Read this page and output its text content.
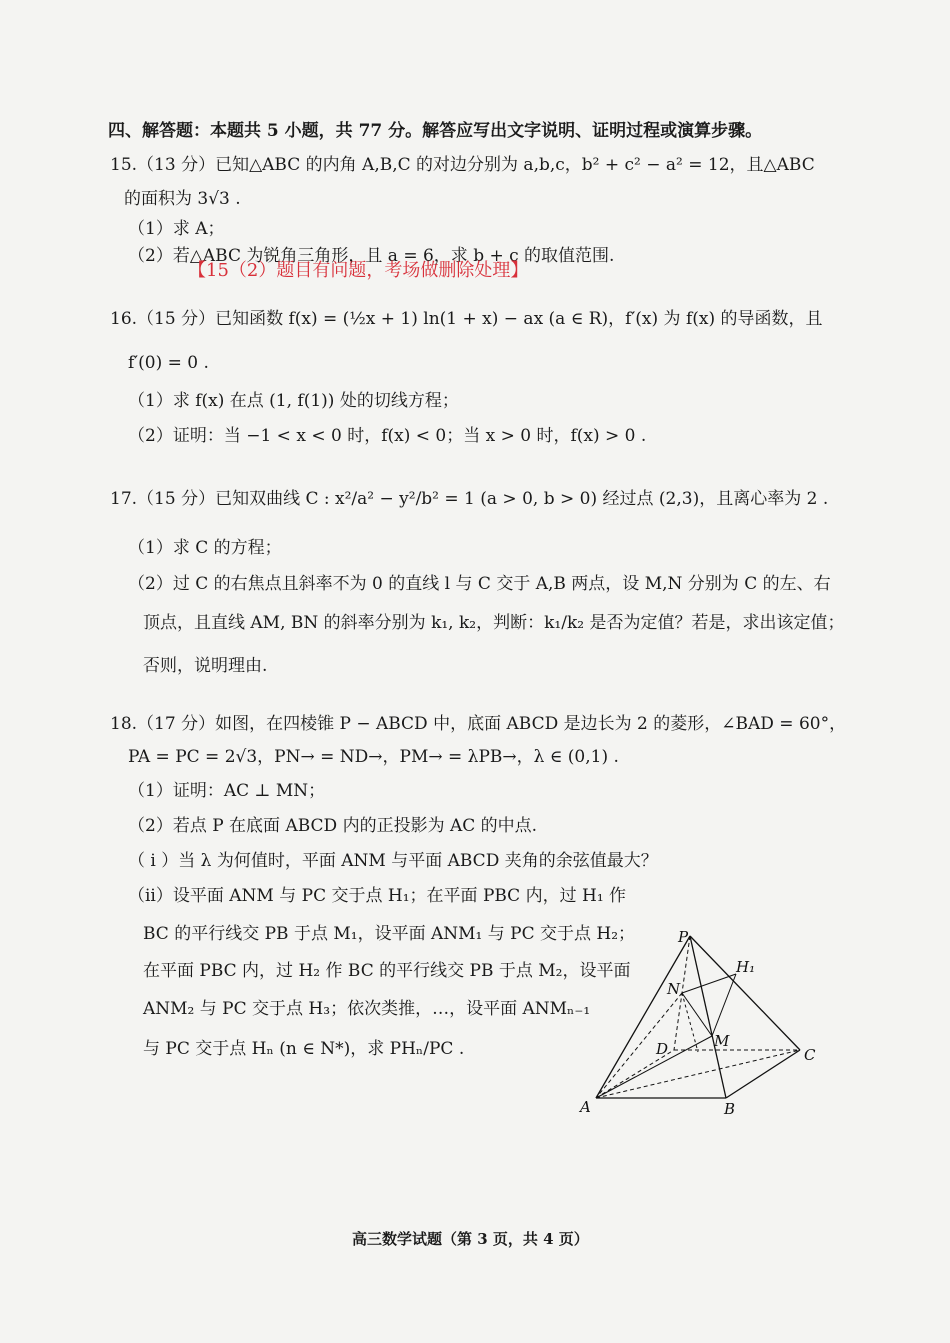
四、解答题：本题共 5 小题，共 77 分。解答应写出文字说明、证明过程或演算步骤。
15.（13 分）已知△ABC 的内角 A,B,C 的对边分别为 a,b,c，b² + c² − a² = 12，且△ABC
的面积为 3√3 .
（1）求 A；
（2）若△ABC 为锐角三角形，且 a = 6，求 b + c 的取值范围.
【15（2）题目有问题，考场做删除处理】
16.（15 分）已知函数 f(x) = (½x + 1) ln(1 + x) − ax (a ∈ R)，f′(x) 为 f(x) 的导函数，且
f′(0) = 0 .
（1）求 f(x) 在点 (1, f(1)) 处的切线方程；
（2）证明：当 −1 < x < 0 时，f(x) < 0；当 x > 0 时，f(x) > 0 .
17.（15 分）已知双曲线 C : x²/a² − y²/b² = 1 (a > 0, b > 0) 经过点 (2,3)，且离心率为 2 .
（1）求 C 的方程；
（2）过 C 的右焦点且斜率不为 0 的直线 l 与 C 交于 A,B 两点，设 M,N 分别为 C 的左、右
顶点，且直线 AM, BN 的斜率分别为 k₁, k₂，判断：k₁/k₂ 是否为定值？若是，求出该定值；
否则，说明理由.
18.（17 分）如图，在四棱锥 P − ABCD 中，底面 ABCD 是边长为 2 的菱形，∠BAD = 60°，
PA = PC = 2√3，PN→ = ND→，PM→ = λPB→，λ ∈ (0,1) .
（1）证明：AC ⊥ MN；
（2）若点 P 在底面 ABCD 内的正投影为 AC 的中点.
（ i ）当 λ 为何值时，平面 ANM 与平面 ABCD 夹角的余弦值最大？
（ii）设平面 ANM 与 PC 交于点 H₁；在平面 PBC 内，过 H₁ 作
BC 的平行线交 PB 于点 M₁，设平面 ANM₁ 与 PC 交于点 H₂；
在平面 PBC 内，过 H₂ 作 BC 的平行线交 PB 于点 M₂，设平面
ANM₂ 与 PC 交于点 H₃；依次类推，…，设平面 ANMₙ₋₁
与 PC 交于点 Hₙ (n ∈ N*)，求 PHₙ/PC .
P
H₁
N
D	M
C
A	B
高三数学试题（第 3 页，共 4 页）
